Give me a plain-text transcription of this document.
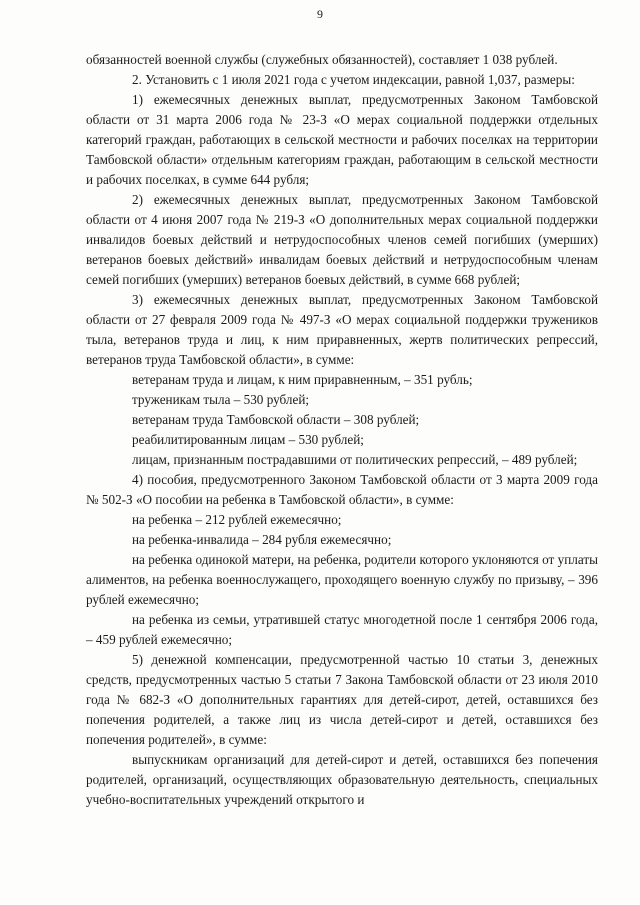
9

обязанностей военной службы (служебных обязанностей), составляет 1 038 рублей.

2. Установить с 1 июля 2021 года с учетом индексации, равной 1,037, размеры:

1) ежемесячных денежных выплат, предусмотренных Законом Тамбовской области от 31 марта 2006 года № 23-З «О мерах социальной поддержки отдельных категорий граждан, работающих в сельской местности и рабочих поселках на территории Тамбовской области» отдельным категориям граждан, работающим в сельской местности и рабочих поселках, в сумме 644 рубля;

2) ежемесячных денежных выплат, предусмотренных Законом Тамбовской области от 4 июня 2007 года № 219-З «О дополнительных мерах социальной поддержки инвалидов боевых действий и нетрудоспособных членов семей погибших (умерших) ветеранов боевых действий» инвалидам боевых действий и нетрудоспособным членам семей погибших (умерших) ветеранов боевых действий, в сумме 668 рублей;

3) ежемесячных денежных выплат, предусмотренных Законом Тамбовской области от 27 февраля 2009 года № 497-З «О мерах социальной поддержки тружеников тыла, ветеранов труда и лиц, к ним приравненных, жертв политических репрессий, ветеранов труда Тамбовской области», в сумме:

ветеранам труда и лицам, к ним приравненным, – 351 рубль;

труженикам тыла – 530 рублей;

ветеранам труда Тамбовской области – 308 рублей;

реабилитированным лицам – 530 рублей;

лицам, признанным пострадавшими от политических репрессий, – 489 рублей;

4) пособия, предусмотренного Законом Тамбовской области от 3 марта 2009 года № 502-З «О пособии на ребенка в Тамбовской области», в сумме:

на ребенка – 212 рублей ежемесячно;

на ребенка-инвалида – 284 рубля ежемесячно;

на ребенка одинокой матери, на ребенка, родители которого уклоняются от уплаты алиментов, на ребенка военнослужащего, проходящего военную службу по призыву, – 396 рублей ежемесячно;

на ребенка из семьи, утратившей статус многодетной после 1 сентября 2006 года, – 459 рублей ежемесячно;

5) денежной компенсации, предусмотренной частью 10 статьи 3, денежных средств, предусмотренных частью 5 статьи 7 Закона Тамбовской области от 23 июля 2010 года № 682-З «О дополнительных гарантиях для детей-сирот, детей, оставшихся без попечения родителей, а также лиц из числа детей-сирот и детей, оставшихся без попечения родителей», в сумме:

выпускникам организаций для детей-сирот и детей, оставшихся без попечения родителей, организаций, осуществляющих образовательную деятельность, специальных учебно-воспитательных учреждений открытого и
